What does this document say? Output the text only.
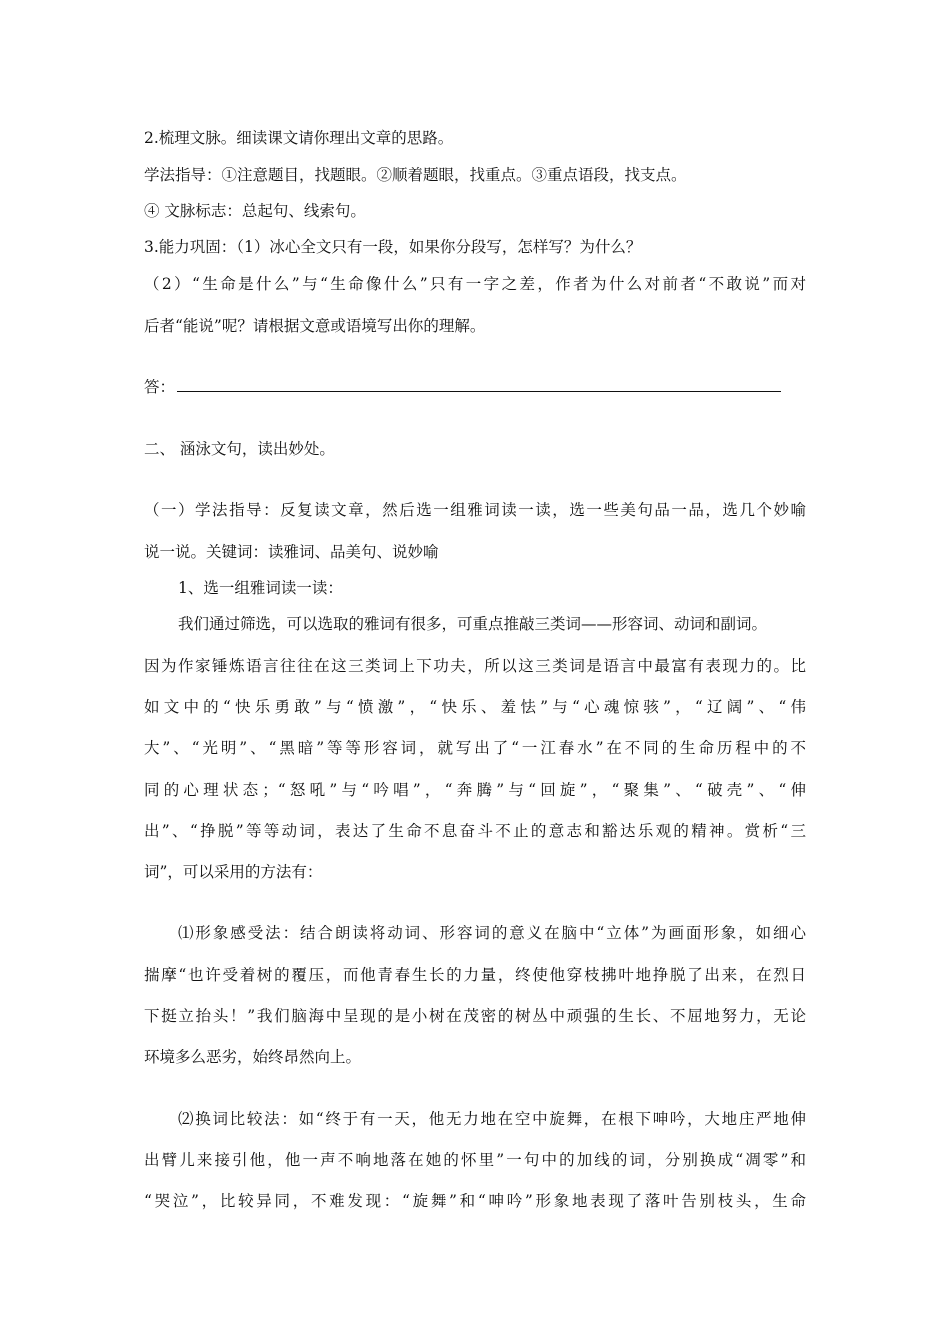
2.梳理文脉。细读课文请你理出文章的思路。
学法指导：①注意题目，找题眼。②顺着题眼，找重点。③重点语段，找支点。
④ 文脉标志：总起句、线索句。
3.能力巩固：（1）冰心全文只有一段，如果你分段写，怎样写？为什么？
（2）“生命是什么”与“生命像什么”只有一字之差，作者为什么对前者“不敢说”而对
后者“能说”呢？请根据文意或语境写出你的理解。
答：
二、 涵泳文句，读出妙处。
（一）学法指导：反复读文章，然后选一组雅词读一读，选一些美句品一品，选几个妙喻
说一说。关键词：读雅词、品美句、说妙喻
1、选一组雅词读一读：
我们通过筛选，可以选取的雅词有很多，可重点推敲三类词——形容词、动词和副词。
因为作家锤炼语言往往在这三类词上下功夫，所以这三类词是语言中最富有表现力的。比
如文中的“快乐勇敢”与“愤激”，“快乐、羞怯”与“心魂惊骇”，“辽阔”、“伟
大”、“光明”、“黑暗”等等形容词，就写出了“一江春水”在不同的生命历程中的不
同的心理状态；“怒吼”与“吟唱”，“奔腾”与“回旋”，“聚集”、“破壳”、“伸
出”、“挣脱”等等动词，表达了生命不息奋斗不止的意志和豁达乐观的精神。赏析“三
词”，可以采用的方法有：
⑴形象感受法：结合朗读将动词、形容词的意义在脑中“立体”为画面形象，如细心
揣摩“也许受着树的覆压，而他青春生长的力量，终使他穿枝拂叶地挣脱了出来，在烈日
下挺立抬头！”我们脑海中呈现的是小树在茂密的树丛中顽强的生长、不屈地努力，无论
环境多么恶劣，始终昂然向上。
⑵换词比较法：如“终于有一天，他无力地在空中旋舞，在根下呻吟，大地庄严地伸
出臂儿来接引他，他一声不响地落在她的怀里”一句中的加线的词，分别换成“凋零”和
“哭泣”，比较异同，不难发现：“旋舞”和“呻吟”形象地表现了落叶告别枝头，生命
